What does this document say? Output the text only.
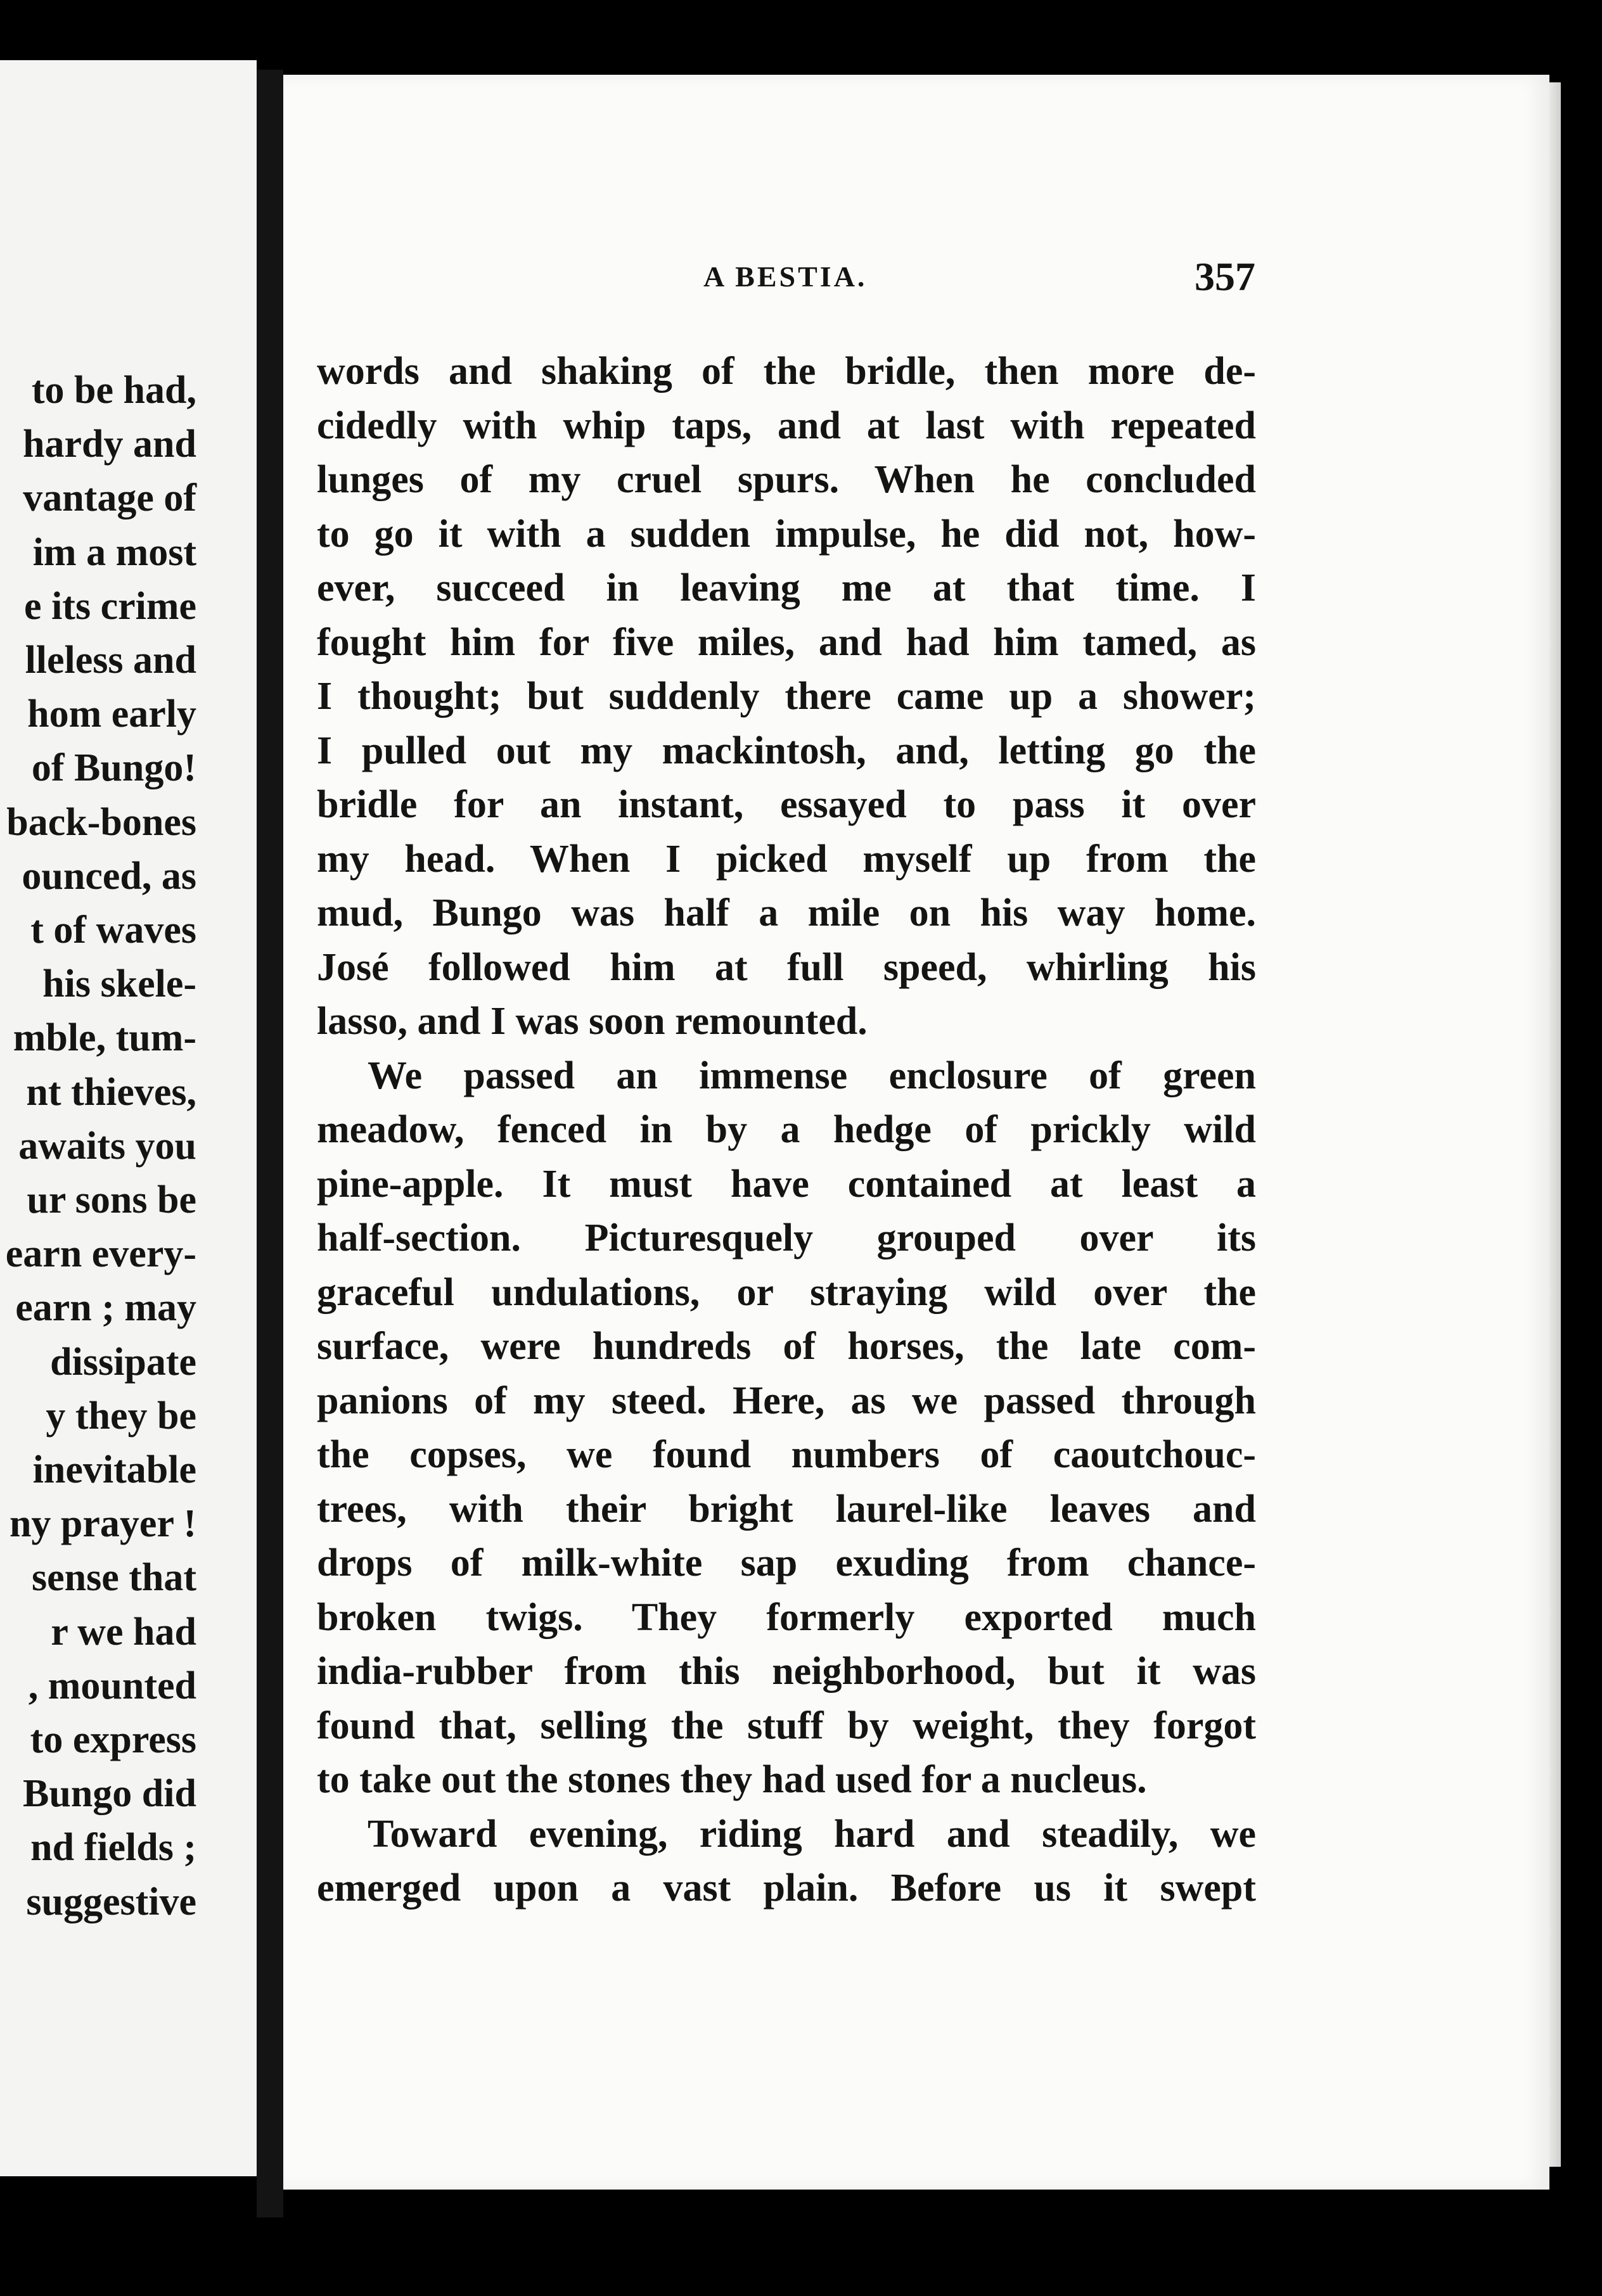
to be had,
hardy and
vantage of
im a most
e its crime
lleless and
hom early
of Bungo!
back-bones
ounced, as
t of waves
his skele-
mble, tum-
nt thieves,
awaits you
ur sons be
earn every-
earn ; may
dissipate
y they be
inevitable
ny prayer !
sense that
r we had
, mounted
to express
Bungo did
nd fields ;
suggestive
A BESTIA.	357
words and shaking of the bridle, then more de-
cidedly with whip taps, and at last with repeated
lunges of my cruel spurs. When he concluded
to go it with a sudden impulse, he did not, how-
ever, succeed in leaving me at that time. I
fought him for five miles, and had him tamed, as
I thought; but suddenly there came up a shower;
I pulled out my mackintosh, and, letting go the
bridle for an instant, essayed to pass it over
my head. When I picked myself up from the
mud, Bungo was half a mile on his way home.
José followed him at full speed, whirling his
lasso, and I was soon remounted.
We passed an immense enclosure of green
meadow, fenced in by a hedge of prickly wild
pine-apple. It must have contained at least a
half-section. Picturesquely grouped over its
graceful undulations, or straying wild over the
surface, were hundreds of horses, the late com-
panions of my steed. Here, as we passed through
the copses, we found numbers of caoutchouc-
trees, with their bright laurel-like leaves and
drops of milk-white sap exuding from chance-
broken twigs. They formerly exported much
india-rubber from this neighborhood, but it was
found that, selling the stuff by weight, they forgot
to take out the stones they had used for a nucleus.
Toward evening, riding hard and steadily, we
emerged upon a vast plain. Before us it swept
